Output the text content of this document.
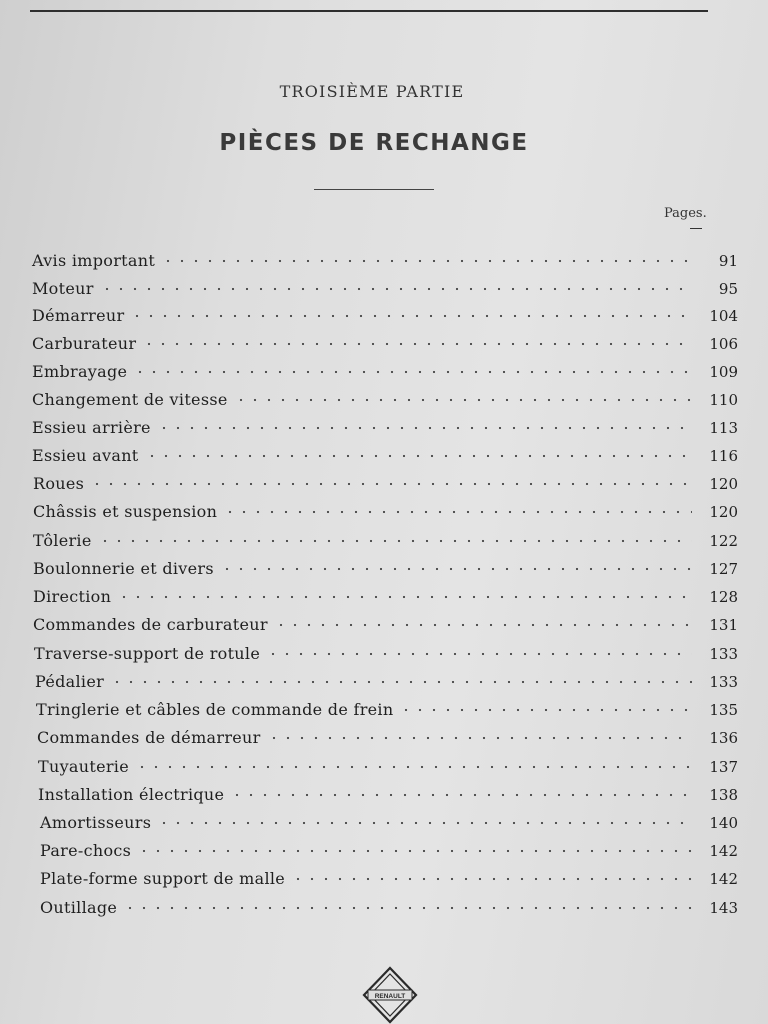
TROISIÈME PARTIE
PIÈCES DE RECHANGE
Pages.
Avis important	91
Moteur	95
Démarreur	104
Carburateur	106
Embrayage	109
Changement de vitesse	110
Essieu arrière	113
Essieu avant	116
Roues	120
Châssis et suspension	120
Tôlerie	122
Boulonnerie et divers	127
Direction	128
Commandes de carburateur	131
Traverse-support de rotule	133
Pédalier	133
Tringlerie et câbles de commande de frein	135
Commandes de démarreur	136
Tuyauterie	137
Installation électrique	138
Amortisseurs	140
Pare-chocs	142
Plate-forme support de malle	142
Outillage	143
RENAULT
